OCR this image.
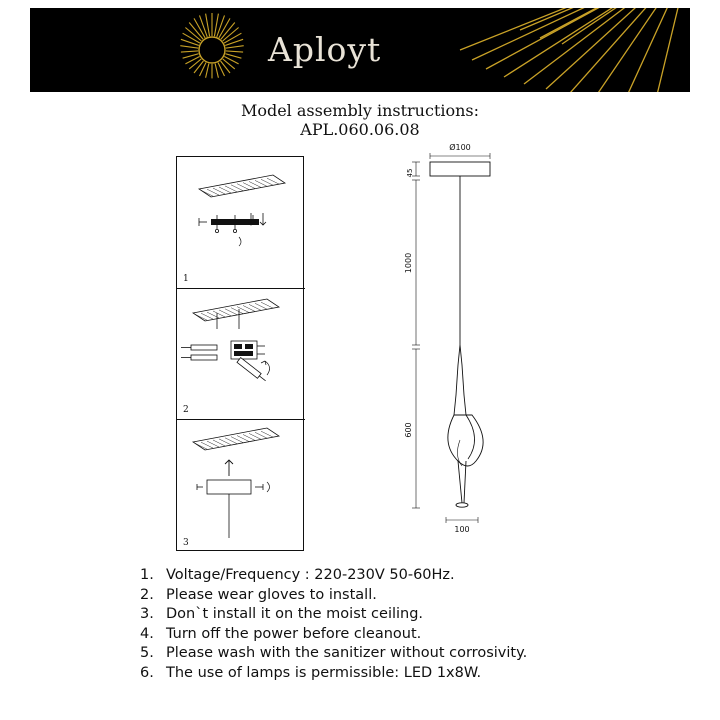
Aployt
Model assembly instructions:
APL.060.06.08
1
2
3
Ø100
45
1000
600
100
1. Voltage/Frequency : 220-230V 50-60Hz.
2. Please wear gloves to install.
3. Don`t install it on the moist ceiling.
4. Turn off the power before cleanout.
5. Please wash with the sanitizer without corrosivity.
6. The use of lamps is permissible: LED 1x8W.
